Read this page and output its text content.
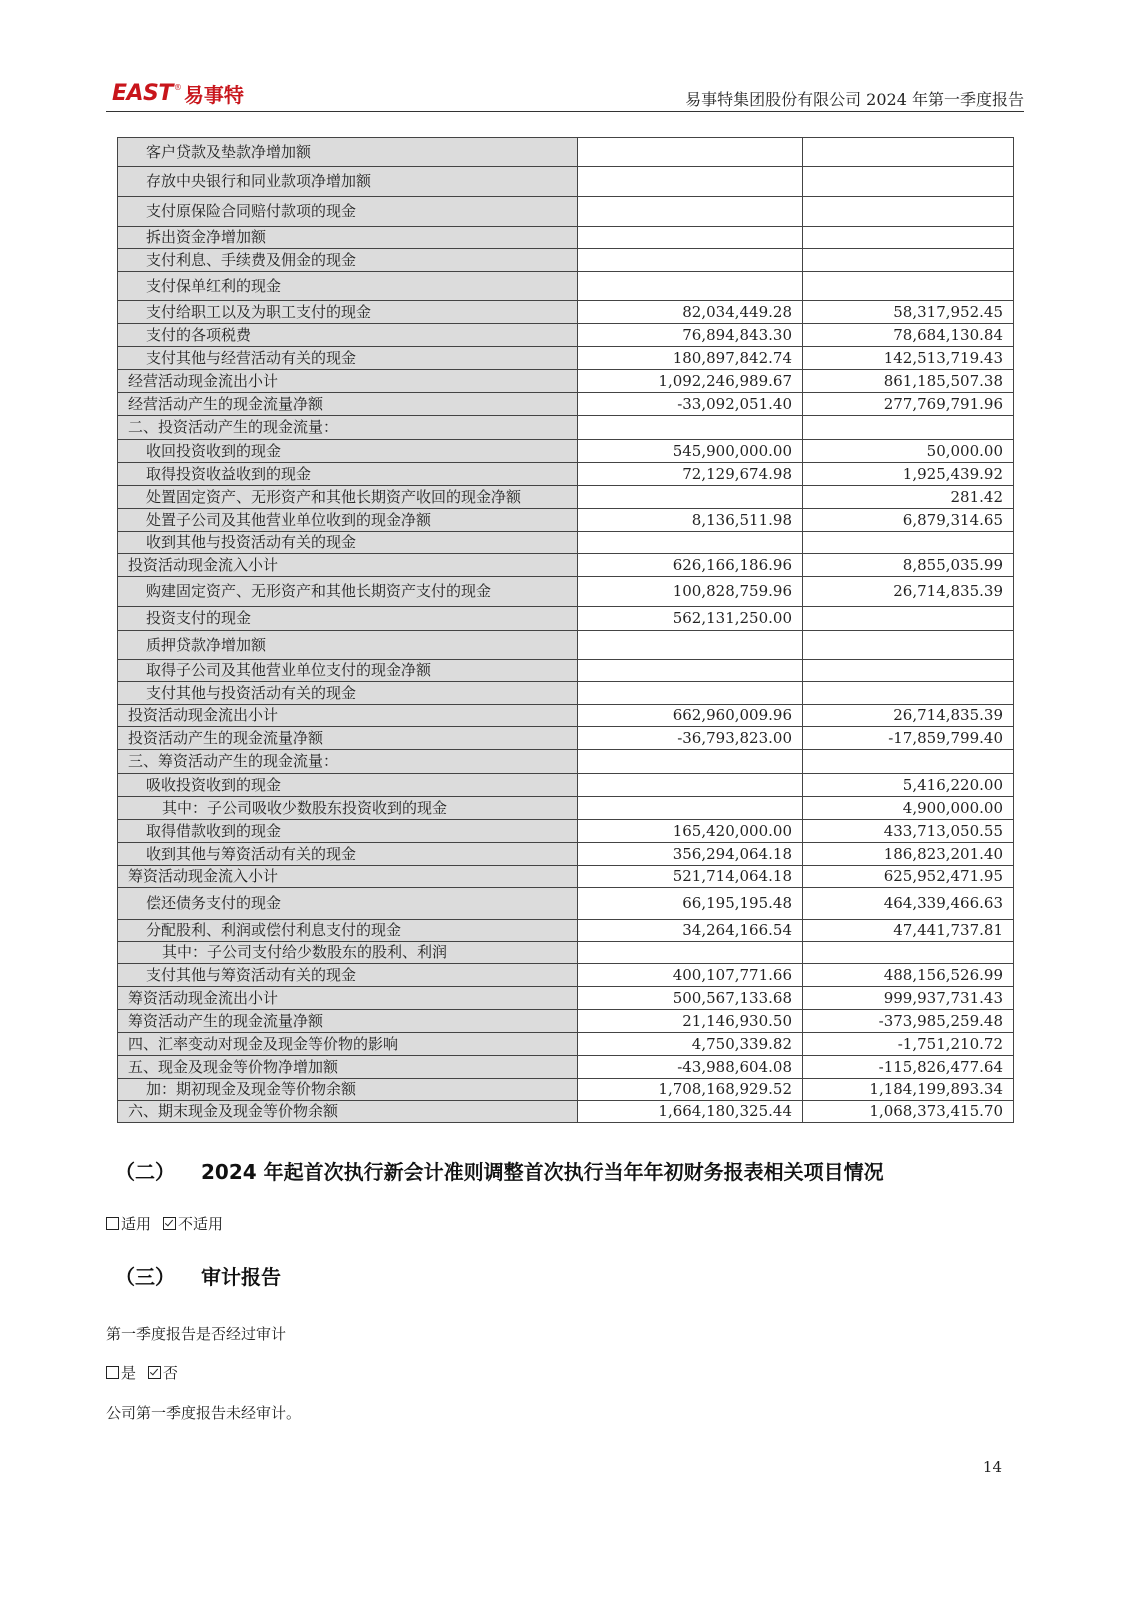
EAST ® 易事特	易事特集团股份有限公司 2024 年第一季度报告
客户贷款及垫款净增加额		
存放中央银行和同业款项净增加额		
支付原保险合同赔付款项的现金		
拆出资金净增加额		
支付利息、手续费及佣金的现金		
支付保单红利的现金		
支付给职工以及为职工支付的现金	82,034,449.28	58,317,952.45
支付的各项税费	76,894,843.30	78,684,130.84
支付其他与经营活动有关的现金	180,897,842.74	142,513,719.43
经营活动现金流出小计	1,092,246,989.67	861,185,507.38
经营活动产生的现金流量净额	-33,092,051.40	277,769,791.96
二、投资活动产生的现金流量：		
收回投资收到的现金	545,900,000.00	50,000.00
取得投资收益收到的现金	72,129,674.98	1,925,439.92
处置固定资产、无形资产和其他长期资产收回的现金净额		281.42
处置子公司及其他营业单位收到的现金净额	8,136,511.98	6,879,314.65
收到其他与投资活动有关的现金		
投资活动现金流入小计	626,166,186.96	8,855,035.99
购建固定资产、无形资产和其他长期资产支付的现金	100,828,759.96	26,714,835.39
投资支付的现金	562,131,250.00	
质押贷款净增加额		
取得子公司及其他营业单位支付的现金净额		
支付其他与投资活动有关的现金		
投资活动现金流出小计	662,960,009.96	26,714,835.39
投资活动产生的现金流量净额	-36,793,823.00	-17,859,799.40
三、筹资活动产生的现金流量：		
吸收投资收到的现金		5,416,220.00
其中：子公司吸收少数股东投资收到的现金		4,900,000.00
取得借款收到的现金	165,420,000.00	433,713,050.55
收到其他与筹资活动有关的现金	356,294,064.18	186,823,201.40
筹资活动现金流入小计	521,714,064.18	625,952,471.95
偿还债务支付的现金	66,195,195.48	464,339,466.63
分配股利、利润或偿付利息支付的现金	34,264,166.54	47,441,737.81
其中：子公司支付给少数股东的股利、利润		
支付其他与筹资活动有关的现金	400,107,771.66	488,156,526.99
筹资活动现金流出小计	500,567,133.68	999,937,731.43
筹资活动产生的现金流量净额	21,146,930.50	-373,985,259.48
四、汇率变动对现金及现金等价物的影响	4,750,339.82	-1,751,210.72
五、现金及现金等价物净增加额	-43,988,604.08	-115,826,477.64
加：期初现金及现金等价物余额	1,708,168,929.52	1,184,199,893.34
六、期末现金及现金等价物余额	1,664,180,325.44	1,068,373,415.70
（二） 2024 年起首次执行新会计准则调整首次执行当年年初财务报表相关项目情况
适用 不适用
（三） 审计报告
第一季度报告是否经过审计
是 否
公司第一季度报告未经审计。
14
